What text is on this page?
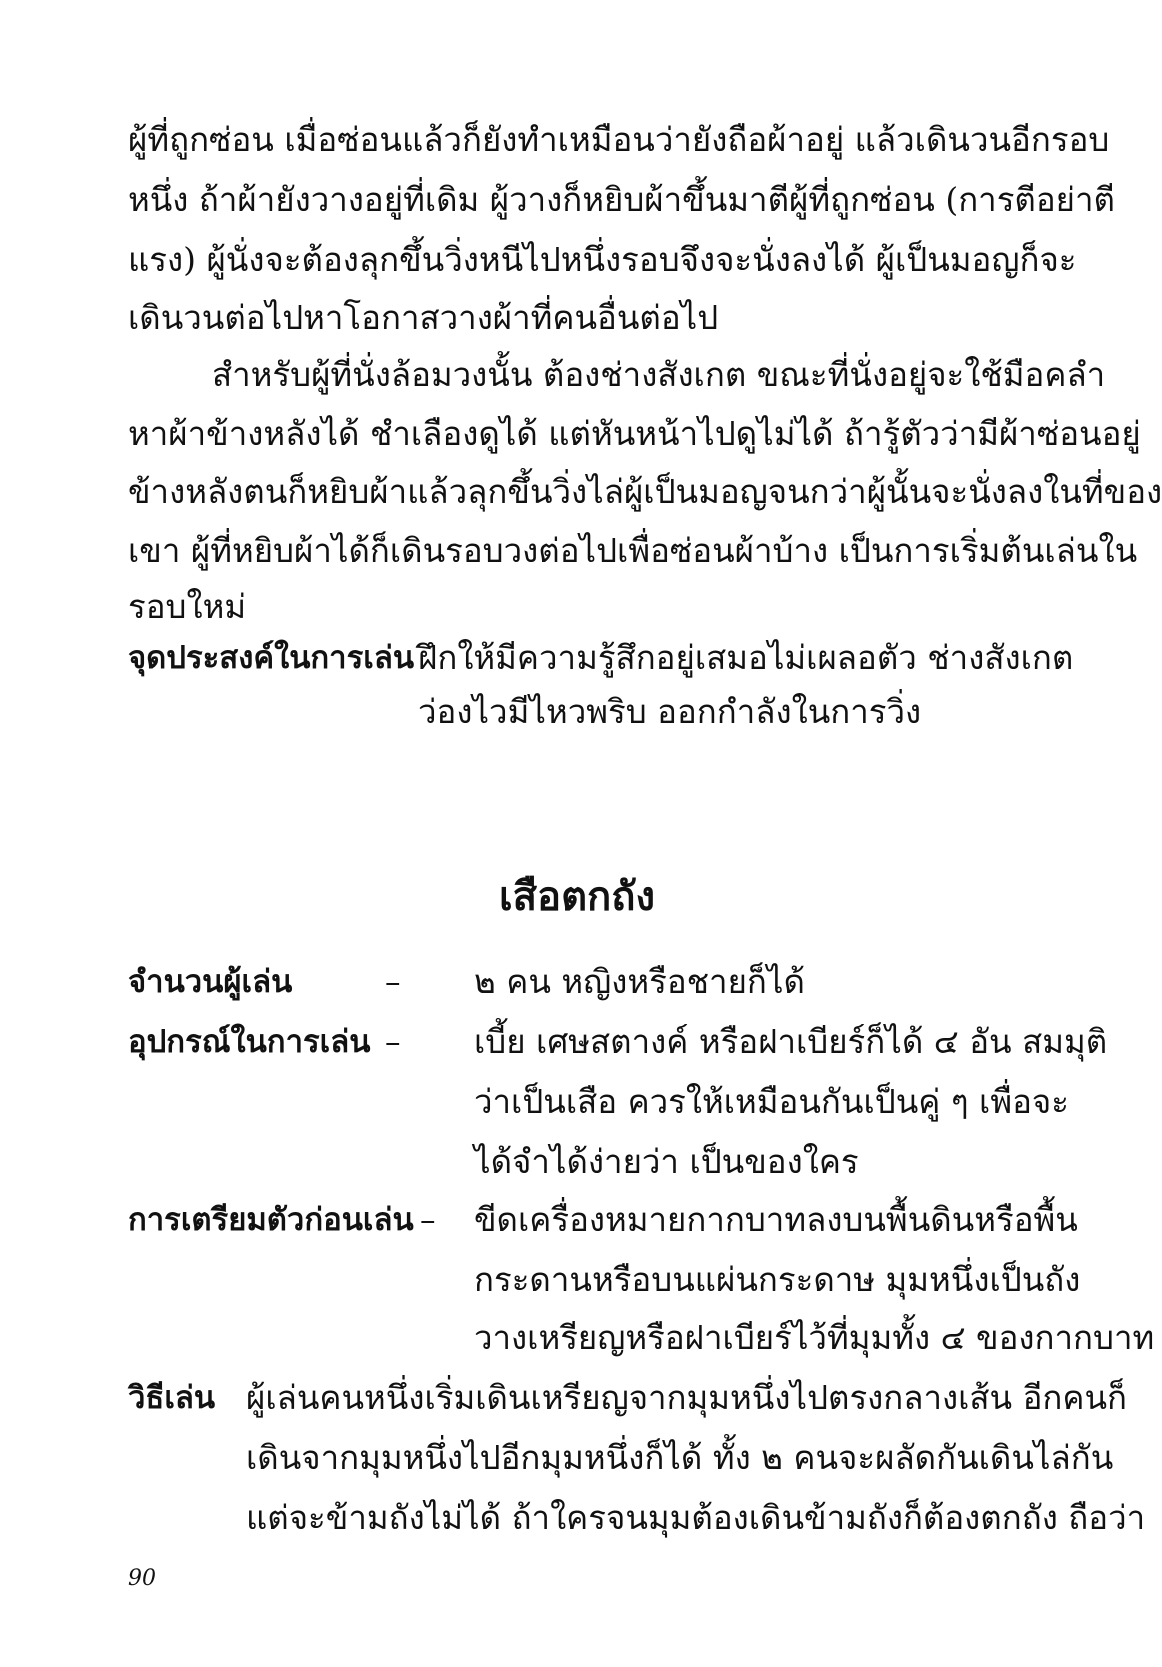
ผู้ที่ถูกซ่อน เมื่อซ่อนแล้วก็ยังทำเหมือนว่ายังถือผ้าอยู่ แล้วเดินวนอีกรอบ
หนึ่ง ถ้าผ้ายังวางอยู่ที่เดิม ผู้วางก็หยิบผ้าขึ้นมาตีผู้ที่ถูกซ่อน (การตีอย่าตี
แรง) ผู้นั่งจะต้องลุกขึ้นวิ่งหนีไปหนึ่งรอบจึงจะนั่งลงได้ ผู้เป็นมอญก็จะ
เดินวนต่อไปหาโอกาสวางผ้าที่คนอื่นต่อไป
สำหรับผู้ที่นั่งล้อมวงนั้น ต้องช่างสังเกต ขณะที่นั่งอยู่จะใช้มือคลำ
หาผ้าข้างหลังได้ ชำเลืองดูได้ แต่หันหน้าไปดูไม่ได้ ถ้ารู้ตัวว่ามีผ้าซ่อนอยู่
ข้างหลังตนก็หยิบผ้าแล้วลุกขึ้นวิ่งไล่ผู้เป็นมอญจนกว่าผู้นั้นจะนั่งลงในที่ของ
เขา ผู้ที่หยิบผ้าได้ก็เดินรอบวงต่อไปเพื่อซ่อนผ้าบ้าง เป็นการเริ่มต้นเล่นใน
รอบใหม่
จุดประสงค์ในการเล่น ฝึกให้มีความรู้สึกอยู่เสมอไม่เผลอตัว ช่างสังเกต
ว่องไวมีไหวพริบ ออกกำลังในการวิ่ง
เสือตกถัง
จำนวนผู้เล่น	– ๒ คน หญิงหรือชายก็ได้
อุปกรณ์ในการเล่น – เบี้ย เศษสตางค์ หรือฝาเบียร์ก็ได้ ๔ อัน สมมุติ
ว่าเป็นเสือ ควรให้เหมือนกันเป็นคู่ ๆ เพื่อจะ
ได้จำได้ง่ายว่า เป็นของใคร
การเตรียมตัวก่อนเล่น – ขีดเครื่องหมายกากบาทลงบนพื้นดินหรือพื้น
กระดานหรือบนแผ่นกระดาษ มุมหนึ่งเป็นถัง
วางเหรียญหรือฝาเบียร์ไว้ที่มุมทั้ง ๔ ของกากบาท
วิธีเล่น ผู้เล่นคนหนึ่งเริ่มเดินเหรียญจากมุมหนึ่งไปตรงกลางเส้น อีกคนก็
เดินจากมุมหนึ่งไปอีกมุมหนึ่งก็ได้ ทั้ง ๒ คนจะผลัดกันเดินไล่กัน
แต่จะข้ามถังไม่ได้ ถ้าใครจนมุมต้องเดินข้ามถังก็ต้องตกถัง ถือว่า
90
